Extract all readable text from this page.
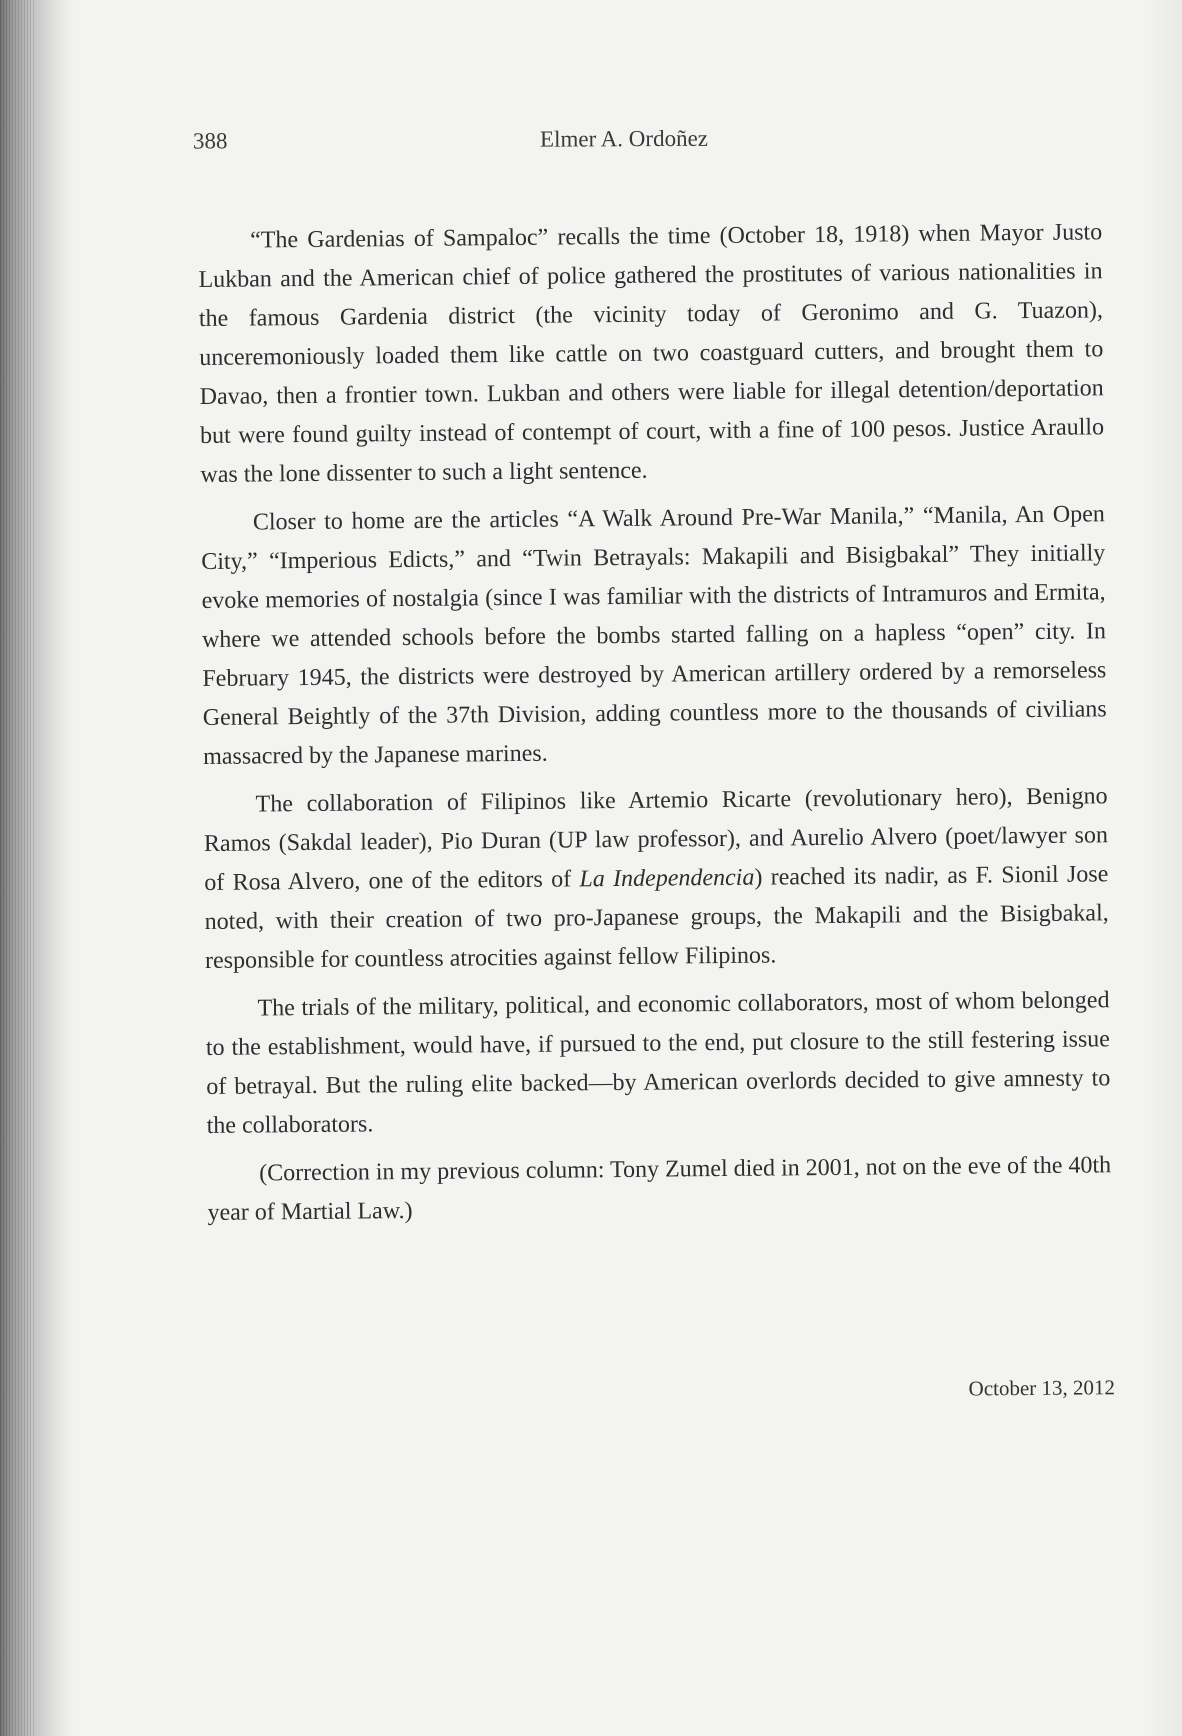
388	Elmer A. Ordoñez

“The Gardenias of Sampaloc” recalls the time (October 18, 1918) when Mayor Justo Lukban and the American chief of police gathered the prostitutes of various nationalities in the famous Gardenia district (the vicinity today of Geronimo and G. Tuazon), unceremoniously loaded them like cattle on two coastguard cutters, and brought them to Davao, then a frontier town. Lukban and others were liable for illegal detention/deportation but were found guilty instead of contempt of court, with a fine of 100 pesos. Justice Araullo was the lone dissenter to such a light sentence.

Closer to home are the articles “A Walk Around Pre-War Manila,” “Manila, An Open City,” “Imperious Edicts,” and “Twin Betrayals: Makapili and Bisigbakal” They initially evoke memories of nostalgia (since I was familiar with the districts of Intramuros and Ermita, where we attended schools before the bombs started falling on a hapless “open” city. In February 1945, the districts were destroyed by American artillery ordered by a remorseless General Beightly of the 37th Division, adding countless more to the thousands of civilians massacred by the Japanese marines.

The collaboration of Filipinos like Artemio Ricarte (revolutionary hero), Benigno Ramos (Sakdal leader), Pio Duran (UP law professor), and Aurelio Alvero (poet/lawyer son of Rosa Alvero, one of the editors of La Independencia) reached its nadir, as F. Sionil Jose noted, with their creation of two pro-Japanese groups, the Makapili and the Bisigbakal, responsible for countless atrocities against fellow Filipinos.

The trials of the military, political, and economic collaborators, most of whom belonged to the establishment, would have, if pursued to the end, put closure to the still festering issue of betrayal. But the ruling elite backed—by American overlords decided to give amnesty to the collaborators.

(Correction in my previous column: Tony Zumel died in 2001, not on the eve of the 40th year of Martial Law.)

October 13, 2012
